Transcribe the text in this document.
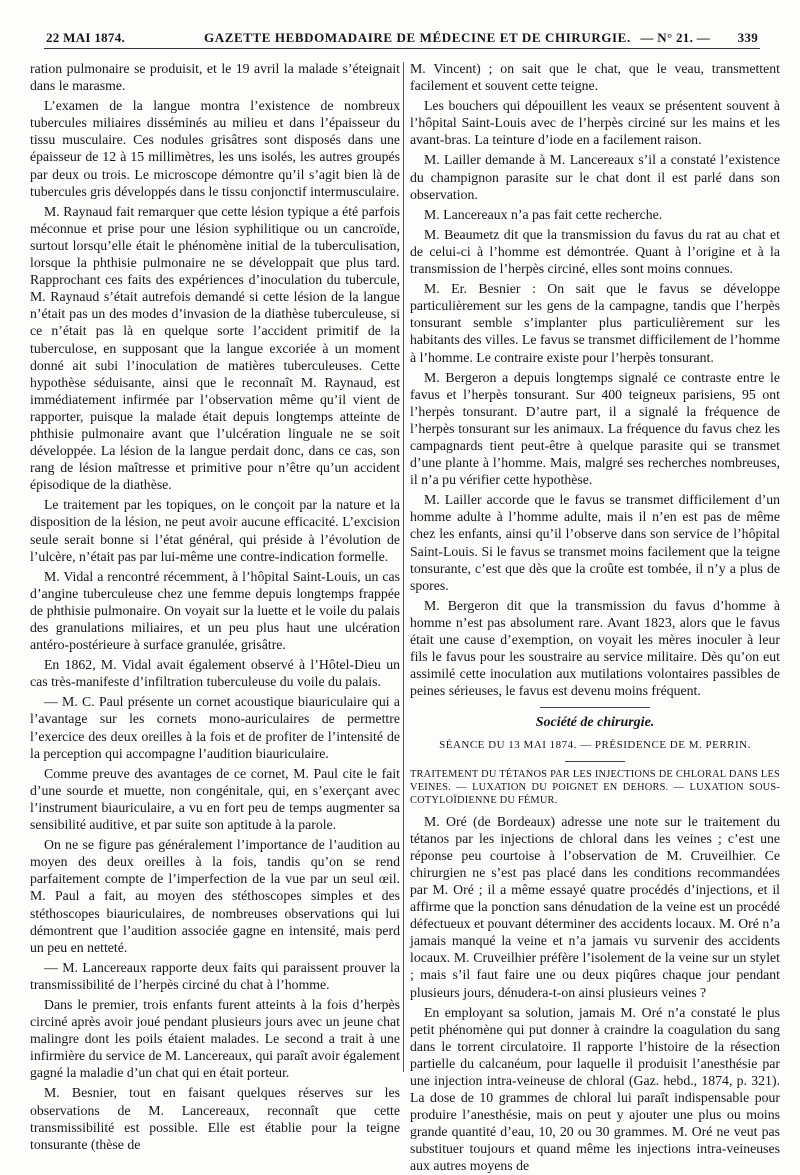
22 MAI 1874.	GAZETTE HEBDOMADAIRE DE MÉDECINE ET DE CHIRURGIE. — N° 21. — 339

ration pulmonaire se produisit, et le 19 avril la malade s’éteignait dans le marasme.

L’examen de la langue montra l’existence de nombreux tubercules miliaires disséminés au milieu et dans l’épaisseur du tissu musculaire. Ces nodules grisâtres sont disposés dans une épaisseur de 12 à 15 millimètres, les uns isolés, les autres groupés par deux ou trois. Le microscope démontre qu’il s’agit bien là de tubercules gris développés dans le tissu conjonctif intermusculaire.

M. Raynaud fait remarquer que cette lésion typique a été parfois méconnue et prise pour une lésion syphilitique ou un cancroïde, surtout lorsqu’elle était le phénomène initial de la tuberculisation, lorsque la phthisie pulmonaire ne se développait que plus tard. Rapprochant ces faits des expériences d’inoculation du tubercule, M. Raynaud s’était autrefois demandé si cette lésion de la langue n’était pas un des modes d’invasion de la diathèse tuberculeuse, si ce n’était pas là en quelque sorte l’accident primitif de la tuberculose, en supposant que la langue excoriée à un moment donné ait subi l’inoculation de matières tuberculeuses. Cette hypothèse séduisante, ainsi que le reconnaît M. Raynaud, est immédiatement infirmée par l’observation même qu’il vient de rapporter, puisque la malade était depuis longtemps atteinte de phthisie pulmonaire avant que l’ulcération linguale ne se soit développée. La lésion de la langue perdait donc, dans ce cas, son rang de lésion maîtresse et primitive pour n’être qu’un accident épisodique de la diathèse.

Le traitement par les topiques, on le conçoit par la nature et la disposition de la lésion, ne peut avoir aucune efficacité. L’excision seule serait bonne si l’état général, qui préside à l’évolution de l’ulcère, n’était pas par lui-même une contre-indication formelle.

M. Vidal a rencontré récemment, à l’hôpital Saint-Louis, un cas d’angine tuberculeuse chez une femme depuis longtemps frappée de phthisie pulmonaire. On voyait sur la luette et le voile du palais des granulations miliaires, et un peu plus haut une ulcération antéro-postérieure à surface granulée, grisâtre.

En 1862, M. Vidal avait également observé à l’Hôtel-Dieu un cas très-manifeste d’infiltration tuberculeuse du voile du palais.

— M. C. Paul présente un cornet acoustique biauriculaire qui a l’avantage sur les cornets mono-auriculaires de permettre l’exercice des deux oreilles à la fois et de profiter de l’intensité de la perception qui accompagne l’audition biauriculaire.

Comme preuve des avantages de ce cornet, M. Paul cite le fait d’une sourde et muette, non congénitale, qui, en s’exerçant avec l’instrument biauriculaire, a vu en fort peu de temps augmenter sa sensibilité auditive, et par suite son aptitude à la parole.

On ne se figure pas généralement l’importance de l’audition au moyen des deux oreilles à la fois, tandis qu’on se rend parfaitement compte de l’imperfection de la vue par un seul œil. M. Paul a fait, au moyen des stéthoscopes simples et des stéthoscopes biauriculaires, de nombreuses observations qui lui démontrent que l’audition associée gagne en intensité, mais perd un peu en netteté.

— M. Lancereaux rapporte deux faits qui paraissent prouver la transmissibilité de l’herpès circiné du chat à l’homme.

Dans le premier, trois enfants furent atteints à la fois d’herpès circiné après avoir joué pendant plusieurs jours avec un jeune chat malingre dont les poils étaient malades. Le second a trait à une infirmière du service de M. Lancereaux, qui paraît avoir également gagné la maladie d’un chat qui en était porteur.

M. Besnier, tout en faisant quelques réserves sur les observations de M. Lancereaux, reconnaît que cette transmissibilité est possible. Elle est établie pour la teigne tonsurante (thèse de

M. Vincent) ; on sait que le chat, que le veau, transmettent facilement et souvent cette teigne.

Les bouchers qui dépouillent les veaux se présentent souvent à l’hôpital Saint-Louis avec de l’herpès circiné sur les mains et les avant-bras. La teinture d’iode en a facilement raison.

M. Lailler demande à M. Lancereaux s’il a constaté l’existence du champignon parasite sur le chat dont il est parlé dans son observation.

M. Lancereaux n’a pas fait cette recherche.

M. Beaumetz dit que la transmission du favus du rat au chat et de celui-ci à l’homme est démontrée. Quant à l’origine et à la transmission de l’herpès circiné, elles sont moins connues.

M. Er. Besnier : On sait que le favus se développe particulièrement sur les gens de la campagne, tandis que l’herpès tonsurant semble s’implanter plus particulièrement sur les habitants des villes. Le favus se transmet difficilement de l’homme à l’homme. Le contraire existe pour l’herpès tonsurant.

M. Bergeron a depuis longtemps signalé ce contraste entre le favus et l’herpès tonsurant. Sur 400 teigneux parisiens, 95 ont l’herpès tonsurant. D’autre part, il a signalé la fréquence de l’herpès tonsurant sur les animaux. La fréquence du favus chez les campagnards tient peut-être à quelque parasite qui se transmet d’une plante à l’homme. Mais, malgré ses recherches nombreuses, il n’a pu vérifier cette hypothèse.

M. Lailler accorde que le favus se transmet difficilement d’un homme adulte à l’homme adulte, mais il n’en est pas de même chez les enfants, ainsi qu’il l’observe dans son service de l’hôpital Saint-Louis. Si le favus se transmet moins facilement que la teigne tonsurante, c’est que dès que la croûte est tombée, il n’y a plus de spores.

M. Bergeron dit que la transmission du favus d’homme à homme n’est pas absolument rare. Avant 1823, alors que le favus était une cause d’exemption, on voyait les mères inoculer à leur fils le favus pour les soustraire au service militaire. Dès qu’on eut assimilé cette inoculation aux mutilations volontaires passibles de peines sérieuses, le favus est devenu moins fréquent.

Société de chirurgie.
SÉANCE DU 13 MAI 1874. — PRÉSIDENCE DE M. PERRIN.
TRAITEMENT DU TÉTANOS PAR LES INJECTIONS DE CHLORAL DANS LES VEINES. — LUXATION DU POIGNET EN DEHORS. — LUXATION SOUS-COTYLOÏDIENNE DU FÉMUR.

M. Oré (de Bordeaux) adresse une note sur le traitement du tétanos par les injections de chloral dans les veines ; c’est une réponse peu courtoise à l’observation de M. Cruveilhier. Ce chirurgien ne s’est pas placé dans les conditions recommandées par M. Oré ; il a même essayé quatre procédés d’injections, et il affirme que la ponction sans dénudation de la veine est un procédé défectueux et pouvant déterminer des accidents locaux. M. Oré n’a jamais manqué la veine et n’a jamais vu survenir des accidents locaux. M. Cruveilhier préfère l’isolement de la veine sur un stylet ; mais s’il faut faire une ou deux piqûres chaque jour pendant plusieurs jours, dénudera-t-on ainsi plusieurs veines ?

En employant sa solution, jamais M. Oré n’a constaté le plus petit phénomène qui put donner à craindre la coagulation du sang dans le torrent circulatoire. Il rapporte l’histoire de la résection partielle du calcanéum, pour laquelle il produisit l’anesthésie par une injection intra-veineuse de chloral (Gaz. hebd., 1874, p. 321). La dose de 10 grammes de chloral lui paraît indispensable pour produire l’anesthésie, mais on peut y ajouter une plus ou moins grande quantité d’eau, 10, 20 ou 30 grammes. M. Oré ne veut pas substituer toujours et quand même les injections intra-veineuses aux autres moyens de
